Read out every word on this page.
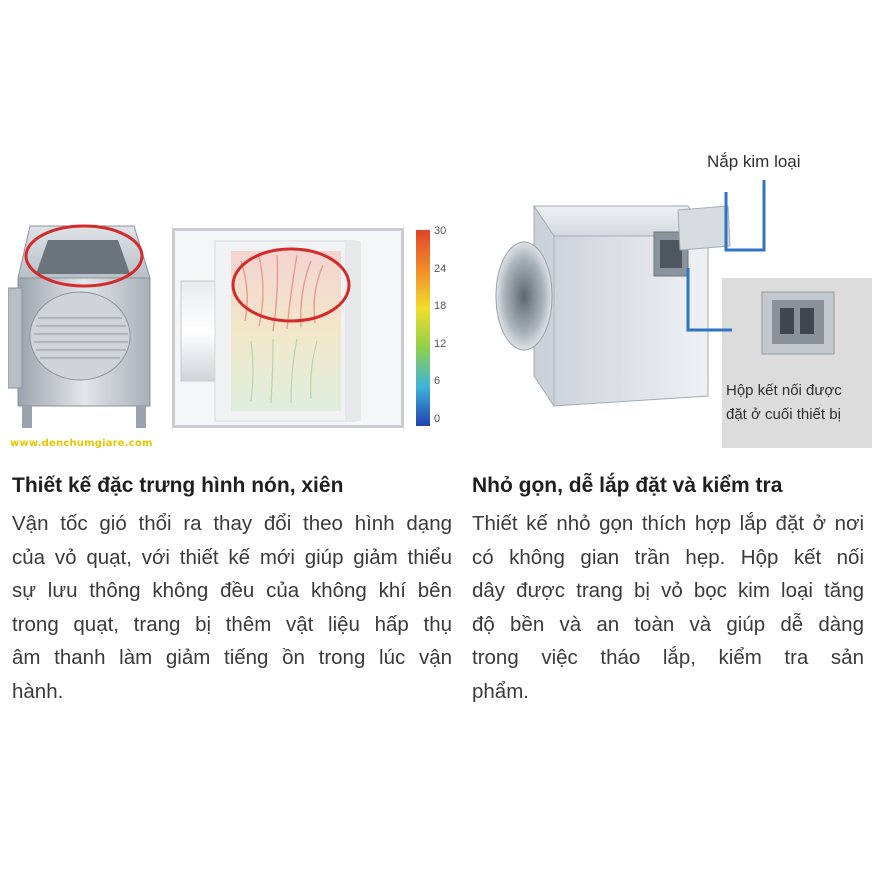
30
24
18
12
6
0
www.denchumgiare.com
Nắp kim loại
Hộp kết nối được
đặt ở cuối thiết bị
Thiết kế đặc trưng hình nón, xiên

Vận tốc gió thổi ra thay đổi theo hình dạng
của vỏ quạt, với thiết kế mới giúp giảm thiểu
sự lưu thông không đều của không khí bên
trong quạt, trang bị thêm vật liệu hấp thụ
âm thanh làm giảm tiếng ồn trong lúc vận
hành.

Nhỏ gọn, dễ lắp đặt và kiểm tra

Thiết kế nhỏ gọn thích hợp lắp đặt ở nơi
có không gian trần hẹp. Hộp kết nối
dây được trang bị vỏ bọc kim loại tăng
độ bền và an toàn và giúp dễ dàng
trong việc tháo lắp, kiểm tra sản
phẩm.
